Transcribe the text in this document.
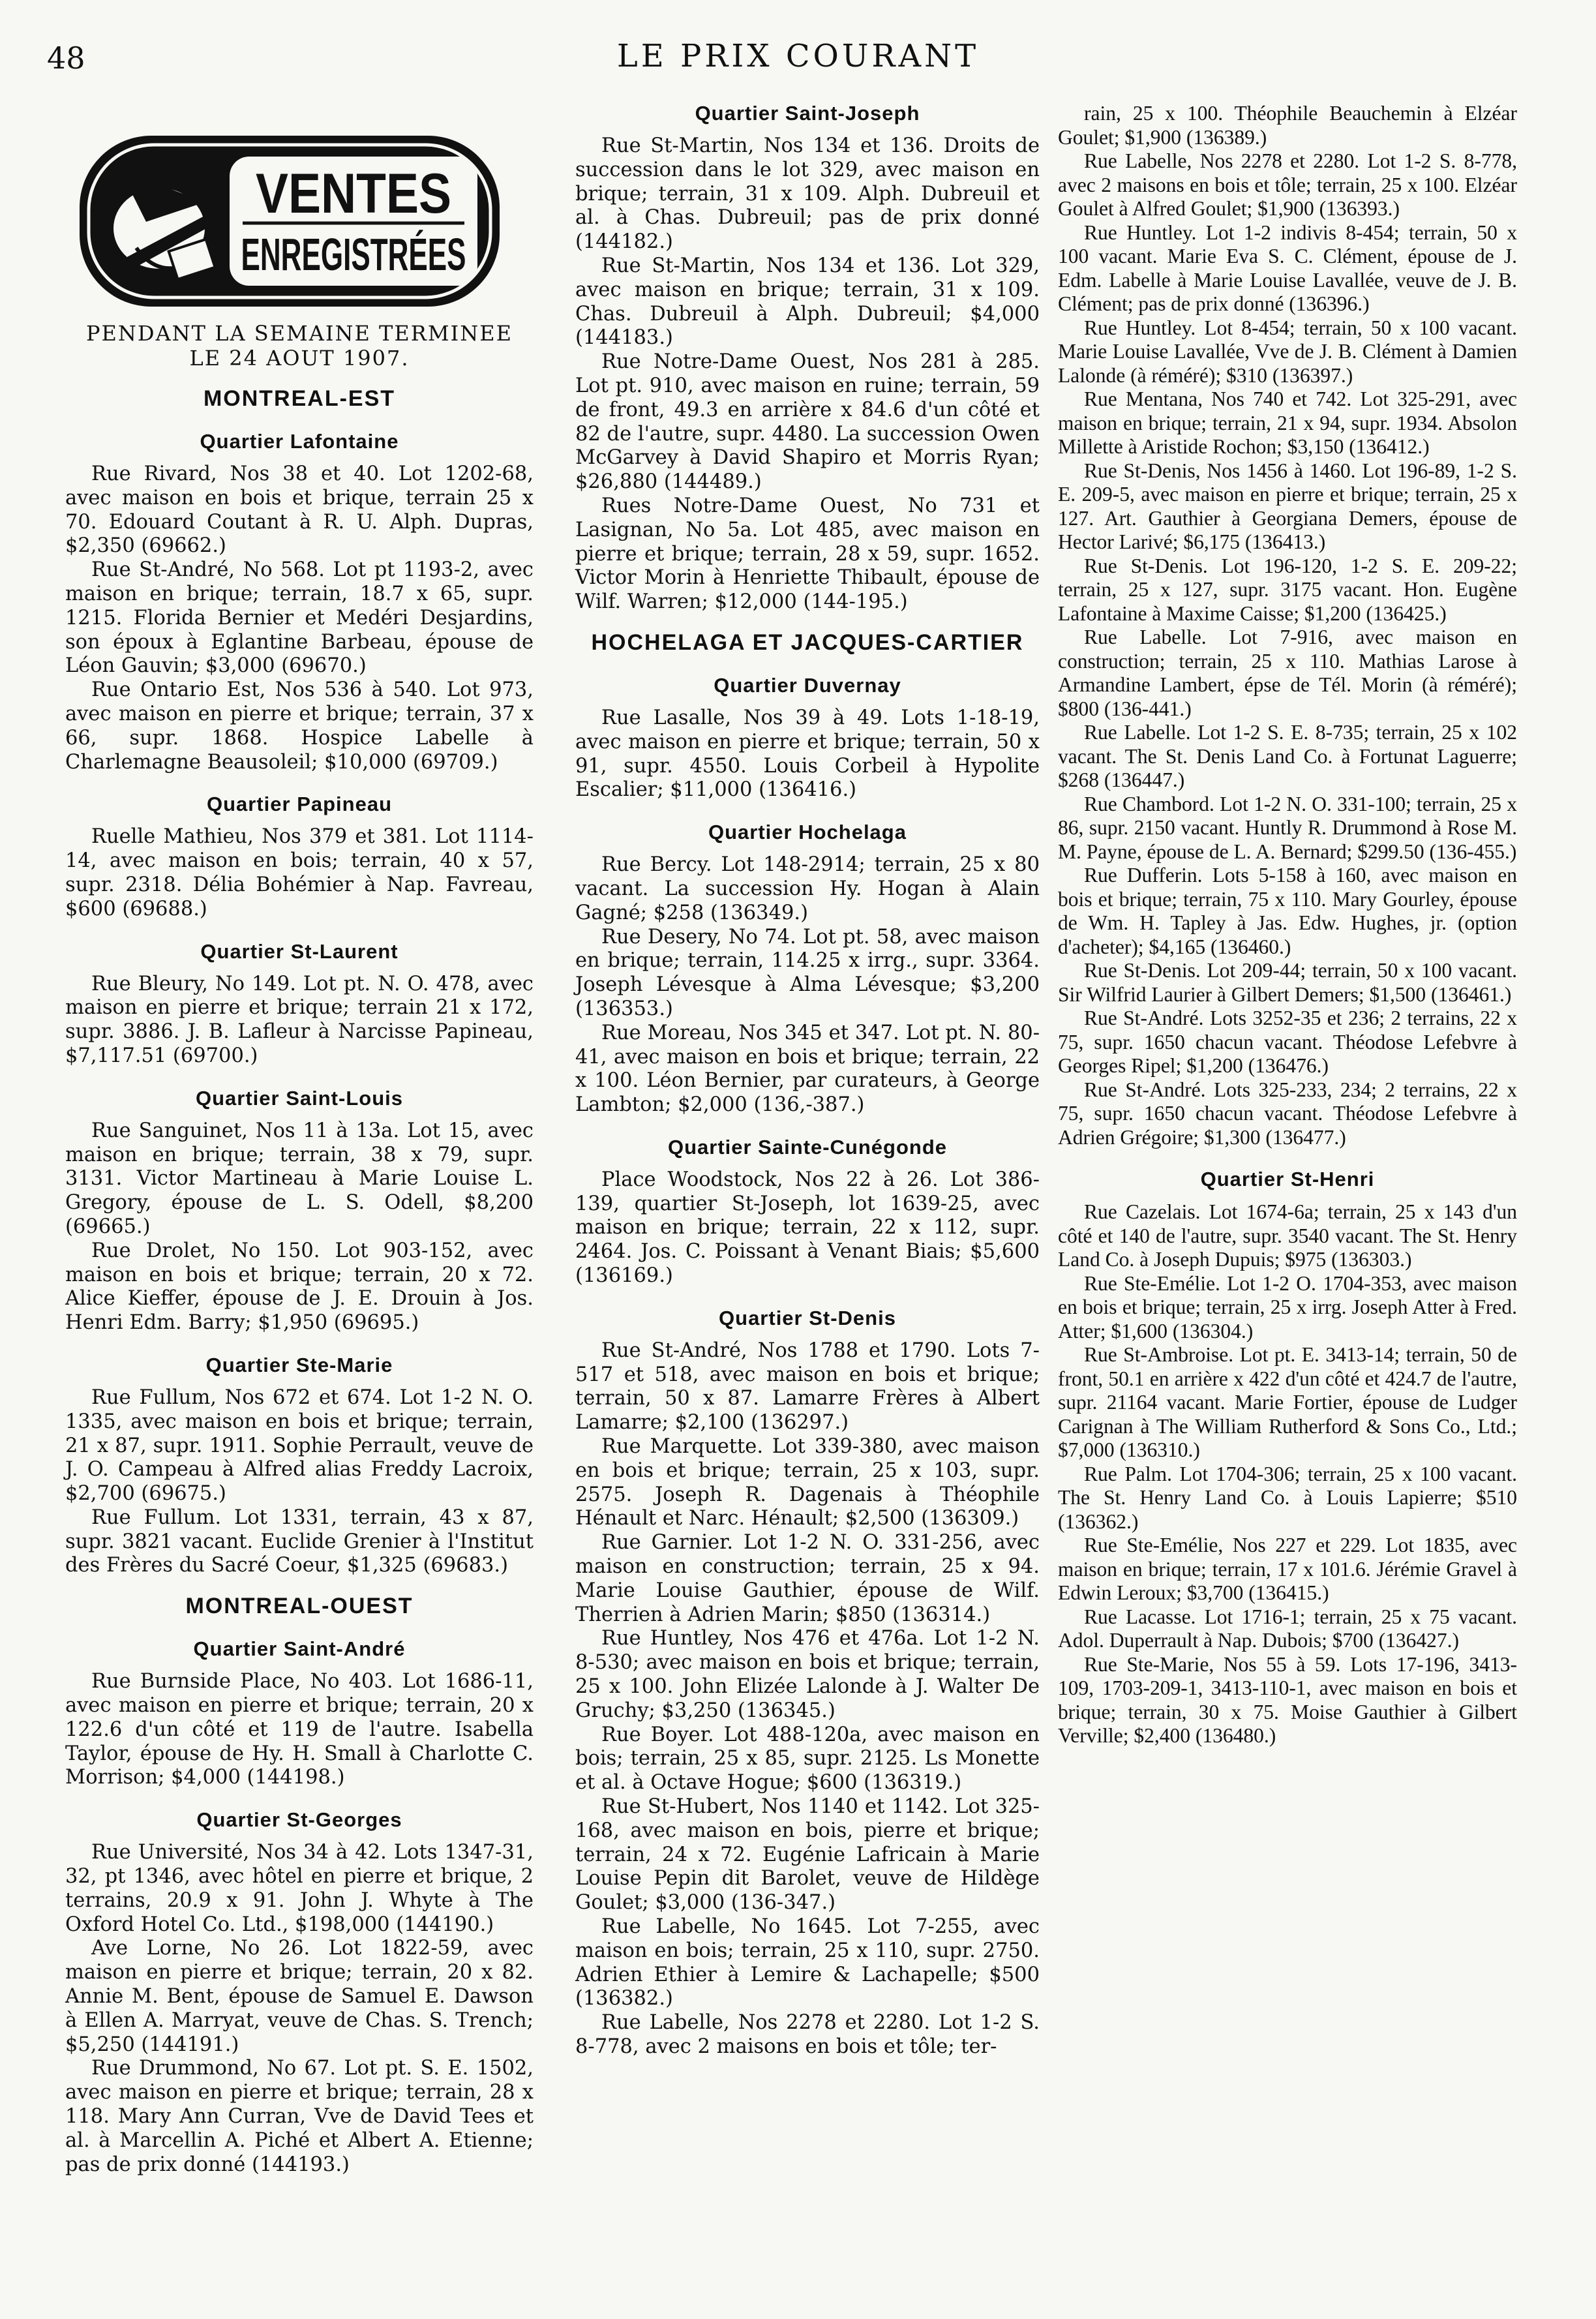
48	LE PRIX COURANT
VENTES
ENREGISTRÉES
PENDANT LA SEMAINE TERMINEE
LE 24 AOUT 1907.

MONTREAL-EST

Quartier Lafontaine

Rue Rivard, Nos 38 et 40. Lot 1202-68, avec maison en bois et brique, terrain 25 x 70. Edouard Coutant à R. U. Alph. Dupras, $2,350 (69662.)

Rue St-André, No 568. Lot pt 1193-2, avec maison en brique; terrain, 18.7 x 65, supr. 1215. Florida Bernier et Medéri Desjardins, son époux à Eglantine Barbeau, épouse de Léon Gauvin; $3,000 (69670.)

Rue Ontario Est, Nos 536 à 540. Lot 973, avec maison en pierre et brique; terrain, 37 x 66, supr. 1868. Hospice Labelle à Charlemagne Beausoleil; $10,000 (69709.)

Quartier Papineau

Ruelle Mathieu, Nos 379 et 381. Lot 1114-14, avec maison en bois; terrain, 40 x 57, supr. 2318. Délia Bohémier à Nap. Favreau, $600 (69688.)

Quartier St-Laurent

Rue Bleury, No 149. Lot pt. N. O. 478, avec maison en pierre et brique; terrain 21 x 172, supr. 3886. J. B. Laflеur à Narcisse Papineau, $7,117.51 (69700.)

Quartier Saint-Louis

Rue Sanguinet, Nos 11 à 13a. Lot 15, avec maison en brique; terrain, 38 x 79, supr. 3131. Victor Martineau à Marie Louise L. Gregory, épouse de L. S. Odell, $8,200 (69665.)

Rue Drolet, No 150. Lot 903-152, avec maison en bois et brique; terrain, 20 x 72. Alice Kieffer, épouse de J. E. Drouin à Jos. Henri Edm. Barry; $1,950 (69695.)

Quartier Ste-Marie

Rue Fullum, Nos 672 et 674. Lot 1-2 N. O. 1335, avec maison en bois et brique; terrain, 21 x 87, supr. 1911. Sophie Perrault, veuve de J. O. Campeau à Alfred alias Freddy Lacroix, $2,700 (69675.)

Rue Fullum. Lot 1331, terrain, 43 x 87, supr. 3821 vacant. Euclide Grenier à l'Institut des Frères du Sacré Coeur, $1,325 (69683.)

MONTREAL-OUEST

Quartier Saint-André

Rue Burnside Place, No 403. Lot 1686-11, avec maison en pierre et brique; terrain, 20 x 122.6 d'un côté et 119 de l'autre. Isabella Taylor, épouse de Hy. H. Small à Charlotte C. Morrison; $4,000 (144198.)

Quartier St-Georges

Rue Université, Nos 34 à 42. Lots 1347-31, 32, pt 1346, avec hôtel en pierre et brique, 2 terrains, 20.9 x 91. John J. Whyte à The Oxford Hotel Co. Ltd., $198,000 (144190.)

Ave Lorne, No 26. Lot 1822-59, avec maison en pierre et brique; terrain, 20 x 82. Annie M. Bent, épouse de Samuel E. Dawson à Ellen A. Marryat, veuve de Chas. S. Trench; $5,250 (144191.)

Rue Drummond, No 67. Lot pt. S. E. 1502, avec maison en pierre et brique; terrain, 28 x 118. Mary Ann Curran, Vve de David Tees et al. à Marcellin A. Piché et Albert A. Etienne; pas de prix donné (144193.)

Quartier Saint-Joseph

Rue St-Martin, Nos 134 et 136. Droits de succession dans le lot 329, avec maison en brique; terrain, 31 x 109. Alph. Dubreuil et al. à Chas. Dubreuil; pas de prix donné (144182.)

Rue St-Martin, Nos 134 et 136. Lot 329, avec maison en brique; terrain, 31 x 109. Chas. Dubreuil à Alph. Dubreuil; $4,000 (144183.)

Rue Notre-Dame Ouest, Nos 281 à 285. Lot pt. 910, avec maison en ruine; terrain, 59 de front, 49.3 en arrière x 84.6 d'un côté et 82 de l'autre, supr. 4480. La succession Owen McGarvey à David Shapiro et Morris Ryan; $26,880 (144489.)

Rues Notre-Dame Ouest, No 731 et Lasignan, No 5a. Lot 485, avec maison en pierre et brique; terrain, 28 x 59, supr. 1652. Victor Morin à Henriette Thibault, épouse de Wilf. Warren; $12,000 (144-195.)

HOCHELAGA ET JACQUES-CARTIER

Quartier Duvernay

Rue Lasalle, Nos 39 à 49. Lots 1-18-19, avec maison en pierre et brique; terrain, 50 x 91, supr. 4550. Louis Corbeil à Hypolite Escalier; $11,000 (136416.)

Quartier Hochelaga

Rue Bercy. Lot 148-2914; terrain, 25 x 80 vacant. La succession Hy. Hogan à Alain Gagné; $258 (136349.)

Rue Desery, No 74. Lot pt. 58, avec maison en brique; terrain, 114.25 x irrg., supr. 3364. Joseph Lévesque à Alma Lévesque; $3,200 (136353.)

Rue Moreau, Nos 345 et 347. Lot pt. N. 80-41, avec maison en bois et brique; terrain, 22 x 100. Léon Bernier, par curateurs, à George Lambton; $2,000 (136,-387.)

Quartier Sainte-Cunégonde

Place Woodstock, Nos 22 à 26. Lot 386-139, quartier St-Joseph, lot 1639-25, avec maison en brique; terrain, 22 x 112, supr. 2464. Jos. C. Poissant à Venant Biais; $5,600 (136169.)

Quartier St-Denis

Rue St-André, Nos 1788 et 1790. Lots 7-517 et 518, avec maison en bois et brique; terrain, 50 x 87. Lamarre Frères à Albert Lamarre; $2,100 (136297.)

Rue Marquette. Lot 339-380, avec maison en bois et brique; terrain, 25 x 103, supr. 2575. Joseph R. Dagenais à Théophile Hénault et Narc. Hénault; $2,500 (136309.)

Rue Garnier. Lot 1-2 N. O. 331-256, avec maison en construction; terrain, 25 x 94. Marie Louise Gauthier, épouse de Wilf. Therrien à Adrien Marin; $850 (136314.)

Rue Huntley, Nos 476 et 476a. Lot 1-2 N. 8-530; avec maison en bois et brique; terrain, 25 x 100. John Elizée Lalonde à J. Walter De Gruchy; $3,250 (136345.)

Rue Boyer. Lot 488-120a, avec maison en bois; terrain, 25 x 85, supr. 2125. Ls Monette et al. à Octave Hogue; $600 (136319.)

Rue St-Hubert, Nos 1140 et 1142. Lot 325-168, avec maison en bois, pierre et brique; terrain, 24 x 72. Eugénie Lafricain à Marie Louise Pepin dit Barolet, veuve de Hildège Goulet; $3,000 (136-347.)

Rue Labelle, No 1645. Lot 7-255, avec maison en bois; terrain, 25 x 110, supr. 2750. Adrien Ethier à Lemire & Lachapelle; $500 (136382.)

Rue Labelle, Nos 2278 et 2280. Lot 1-2 S. 8-778, avec 2 maisons en bois et tôle; ter-

rain, 25 x 100. Théophile Beauchemin à Elzéar Goulet; $1,900 (136389.)

Rue Labelle, Nos 2278 et 2280. Lot 1-2 S. 8-778, avec 2 maisons en bois et tôle; terrain, 25 x 100. Elzéar Goulet à Alfred Goulet; $1,900 (136393.)

Rue Huntley. Lot 1-2 indivis 8-454; terrain, 50 x 100 vacant. Marie Eva S. C. Clément, épouse de J. Edm. Labelle à Marie Louise Lavallée, veuve de J. B. Clément; pas de prix donné (136396.)

Rue Huntley. Lot 8-454; terrain, 50 x 100 vacant. Marie Louise Lavallée, Vve de J. B. Clément à Damien Lalonde (à réméré); $310 (136397.)

Rue Mentana, Nos 740 et 742. Lot 325-291, avec maison en brique; terrain, 21 x 94, supr. 1934. Absolon Millette à Aristide Rochon; $3,150 (136412.)

Rue St-Denis, Nos 1456 à 1460. Lot 196-89, 1-2 S. E. 209-5, avec maison en pierre et brique; terrain, 25 x 127. Art. Gauthier à Georgiana Demers, épouse de Hector Larivé; $6,175 (136413.)

Rue St-Denis. Lot 196-120, 1-2 S. E. 209-22; terrain, 25 x 127, supr. 3175 vacant. Hon. Eugène Lafontaine à Maxime Caisse; $1,200 (136425.)

Rue Labelle. Lot 7-916, avec maison en construction; terrain, 25 x 110. Mathias Larose à Armandine Lambert, épse de Tél. Morin (à réméré); $800 (136-441.)

Rue Labelle. Lot 1-2 S. E. 8-735; terrain, 25 x 102 vacant. The St. Denis Land Co. à Fortunat Laguerre; $268 (136447.)

Rue Chambord. Lot 1-2 N. O. 331-100; terrain, 25 x 86, supr. 2150 vacant. Huntly R. Drummond à Rose M. M. Payne, épouse de L. A. Bernard; $299.50 (136-455.)

Rue Dufferin. Lots 5-158 à 160, avec maison en bois et brique; terrain, 75 x 110. Mary Gourley, épouse de Wm. H. Tapley à Jas. Edw. Hughes, jr. (option d'acheter); $4,165 (136460.)

Rue St-Denis. Lot 209-44; terrain, 50 x 100 vacant. Sir Wilfrid Laurier à Gilbert Demers; $1,500 (136461.)

Rue St-André. Lots 3252-35 et 236; 2 terrains, 22 x 75, supr. 1650 chacun vacant. Théodose Lefebvre à Georges Ripel; $1,200 (136476.)

Rue St-André. Lots 325-233, 234; 2 terrains, 22 x 75, supr. 1650 chacun vacant. Théodose Lefebvre à Adrien Grégoire; $1,300 (136477.)

Quartier St-Henri

Rue Cazelais. Lot 1674-6a; terrain, 25 x 143 d'un côté et 140 de l'autre, supr. 3540 vacant. The St. Henry Land Co. à Joseph Dupuis; $975 (136303.)

Rue Ste-Emélie. Lot 1-2 O. 1704-353, avec maison en bois et brique; terrain, 25 x irrg. Joseph Atter à Fred. Atter; $1,600 (136304.)

Rue St-Ambroise. Lot pt. E. 3413-14; terrain, 50 de front, 50.1 en arrière x 422 d'un côté et 424.7 de l'autre, supr. 21164 vacant. Marie Fortier, épouse de Ludger Carignan à The William Rutherford & Sons Co., Ltd.; $7,000 (136310.)

Rue Palm. Lot 1704-306; terrain, 25 x 100 vacant. The St. Henry Land Co. à Louis Lapierre; $510 (136362.)

Rue Ste-Emélie, Nos 227 et 229. Lot 1835, avec maison en brique; terrain, 17 x 101.6. Jérémie Gravel à Edwin Leroux; $3,700 (136415.)

Rue Lacasse. Lot 1716-1; terrain, 25 x 75 vacant. Adol. Duperrault à Nap. Dubois; $700 (136427.)

Rue Ste-Marie, Nos 55 à 59. Lots 17-196, 3413-109, 1703-209-1, 3413-110-1, avec maison en bois et brique; terrain, 30 x 75. Moise Gauthier à Gilbert Verville; $2,400 (136480.)
